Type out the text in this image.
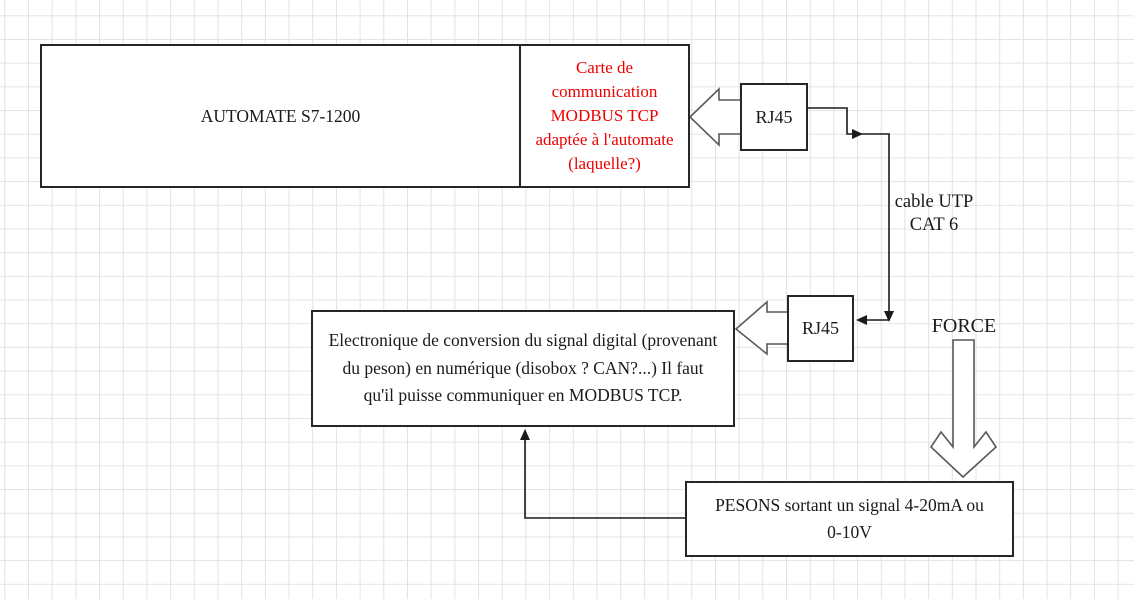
AUTOMATE S7-1200
Carte de
communication
MODBUS TCP
adaptée à l'automate
(laquelle?)
RJ45
cable UTP
CAT 6
RJ45	FORCE
Electronique de conversion du signal digital (provenant
du peson) en numérique (disobox ? CAN?...) Il faut
qu'il puisse communiquer en MODBUS TCP.
PESONS sortant un signal 4-20mA ou
0-10V
